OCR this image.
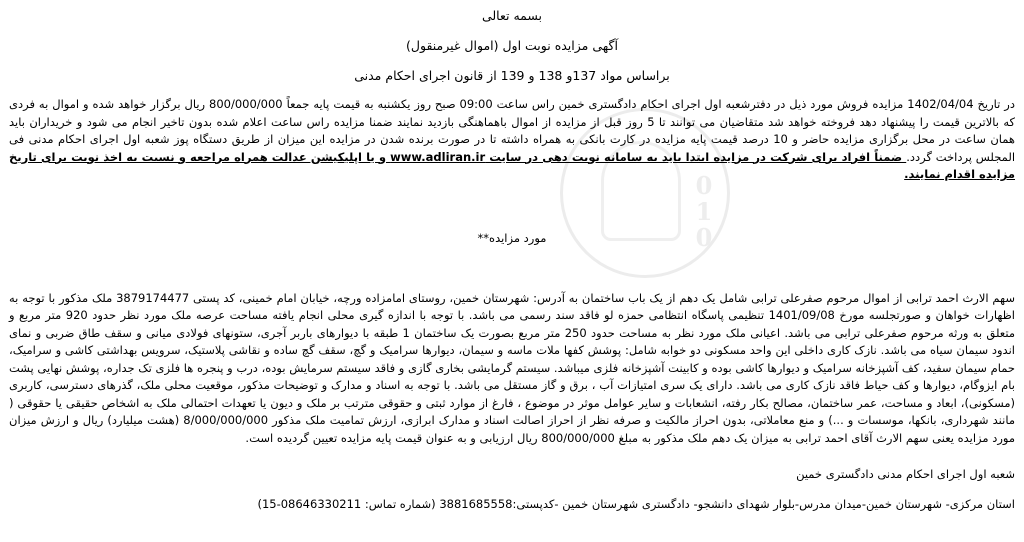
010

بسمه تعالی

آگهی مزایده نوبت اول (اموال غیرمنقول)

براساس مواد 137و 138 و 139 از قانون اجرای احکام مدنی

در تاریخ 1402/04/04 مزایده فروش مورد ذیل در دفترشعبه اول اجرای احکام دادگستری خمین راس ساعت 09:00 صبح روز یکشنبه به قیمت پایه جمعاً 800/000/000 ریال برگزار خواهد شده و اموال به فردی که بالاترین قیمت را پیشنهاد دهد فروخته خواهد شد متقاضیان می توانند تا 5 روز قبل از مزایده از اموال باهماهنگی بازدید نمایند ضمنا مزایده راس ساعت اعلام شده بدون تاخیر انجام می شود و خریداران باید همان ساعت در محل برگزاری مزایده حاضر و 10 درصد قیمت پایه مزایده در کارت بانکی به همراه داشته تا در صورت برنده شدن در مزایده این میزان از طریق دستگاه پوز شعبه اول اجرای احکام مدنی فی المجلس پرداخت گردد. ضمناً افراد برای شرکت در مزایده ابتدا باید به سامانه نوبت دهی در سایت www.adliran.ir و یا اپلیکیشن عدالت همراه مراجعه و نسبت به اخذ نوبت برای تاریخ مزایده اقدام نمایند.

مورد مزایده**

سهم الارث احمد ترابی از اموال مرحوم صفرعلی ترابی شامل یک دهم از یک باب ساختمان به آدرس: شهرستان خمین، روستای امامزاده ورچه، خیابان امام خمینی، کد پستی 3879174477 ملک مذکور با توجه به اظهارات خواهان و صورتجلسه مورخ 1401/09/08 تنظیمی پاسگاه انتظامی حمزه لو فاقد سند رسمی می باشد. با توجه با اندازه گیری محلی انجام یافته مساحت عرصه ملک مورد نظر حدود 920 متر مربع و متعلق به ورثه مرحوم صفرعلی ترابی می باشد. اعیانی ملک مورد نظر به مساحت حدود 250 متر مربع بصورت یک ساختمان 1 طبقه با دیوارهای باربر آجری، ستونهای فولادی میانی و سقف طاق ضربی و نمای اندود سیمان سیاه می باشد. نازک کاری داخلی این واحد مسکونی دو خوابه شامل: پوشش کفها ملات ماسه و سیمان، دیوارها سرامیک و گچ، سقف گچ ساده و نقاشی پلاستیک، سرویس بهداشتی کاشی و سرامیک، حمام سیمان سفید، کف آشپزخانه سرامیک و دیوارها کاشی بوده و کابینت آشپزخانه فلزی میباشد. سیستم گرمایشی بخاری گازی و فاقد سیستم سرمایش بوده، درب و پنجره ها فلزی تک جداره، پوشش نهایی پشت بام ایزوگام، دیوارها و کف حیاط فاقد نازک کاری می باشد. دارای یک سری امتیازات آب ، برق و گاز مستقل می باشد. با توجه به اسناد و مدارک و توضیحات مذکور، موقعیت محلی ملک، گذرهای دسترسی، کاربری (مسکونی)، ابعاد و مساحت، عمر ساختمان، مصالح بکار رفته، انشعابات و سایر عوامل موثر در موضوع ، فارغ از موارد ثبتی و حقوقی مترتب بر ملک و دیون یا تعهدات احتمالی ملک به اشخاص حقیقی یا حقوقی ( مانند شهرداری، بانکها، موسسات و ...) و منع معاملاتی، بدون احراز مالکیت و صرفه نظر از احراز اصالت اسناد و مدارک ابرازی، ارزش تمامیت ملک مذکور 8/000/000/000 (هشت میلیارد) ریال و ارزش میزان مورد مزایده یعنی سهم الارث آقای احمد ترابی به میزان یک دهم ملک مذکور به مبلغ 800/000/000 ریال ارزیابی و به عنوان قیمت پایه مزایده تعیین گردیده است.

شعبه اول اجرای احکام مدنی دادگستری خمین

استان مرکزی- شهرستان خمین-میدان مدرس-بلوار شهدای دانشجو- دادگستری شهرستان خمین -کدپستی:3881685558 (شماره تماس: 08646330211-15)
